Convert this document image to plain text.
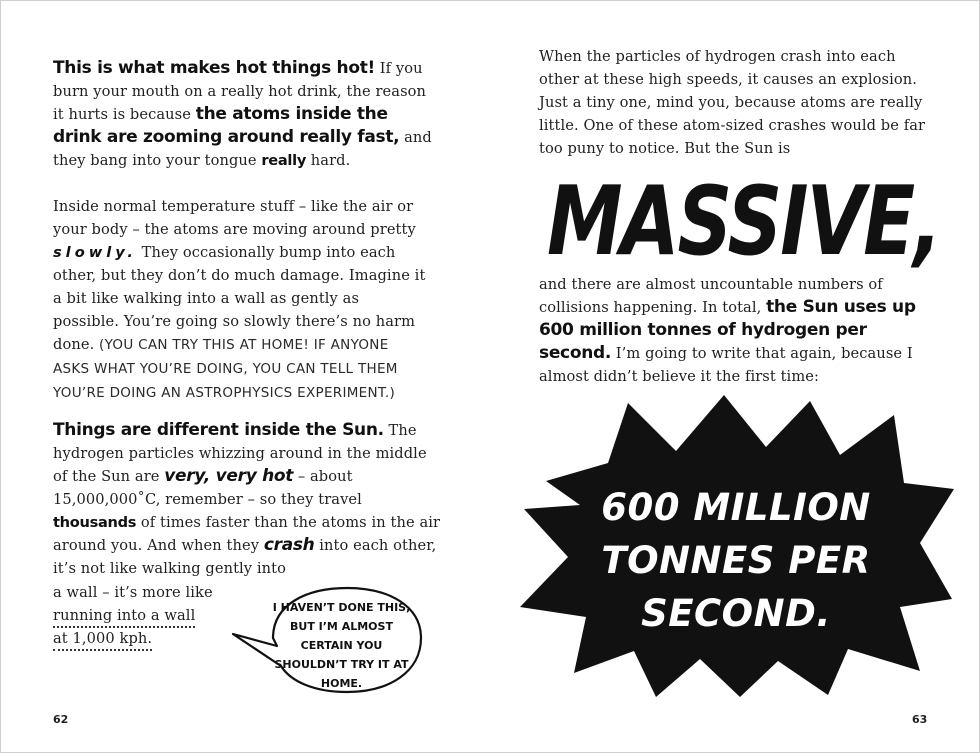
This is what makes hot things hot! If you burn your mouth on a really hot drink, the reason it hurts is because the atoms inside the drink are zooming around really fast, and they bang into your tongue really hard.
Inside normal temperature stuff – like the air or your body – the atoms are moving around pretty slowly. They occasionally bump into each other, but they don’t do much damage. Imagine it a bit like walking into a wall as gently as possible. You’re going so slowly there’s no harm done. (YOU CAN TRY THIS AT HOME! IF ANYONE ASKS WHAT YOU’RE DOING, YOU CAN TELL THEM YOU’RE DOING AN ASTROPHYSICS EXPERIMENT.)
Things are different inside the Sun. The hydrogen particles whizzing around in the middle of the Sun are very, very hot – about 15,000,000˚C, remember – so they travel thousands of times faster than the atoms in the air around you. And when they crash into each other, it’s not like walking gently into
a wall – it’s more like
running into a wall
at 1,000 kph.
I HAVEN’T DONE THIS, BUT I’M ALMOST CERTAIN YOU SHOULDN’T TRY IT AT HOME.
62
When the particles of hydrogen crash into each other at these high speeds, it causes an explosion. Just a tiny one, mind you, because atoms are really little. One of these atom-sized crashes would be far too puny to notice. But the Sun is
MASSIVE,
and there are almost uncountable numbers of collisions happening. In total, the Sun uses up 600 million tonnes of hydrogen per second. I’m going to write that again, because I almost didn’t believe it the first time:
600 MILLION
TONNES PER
SECOND.
63
